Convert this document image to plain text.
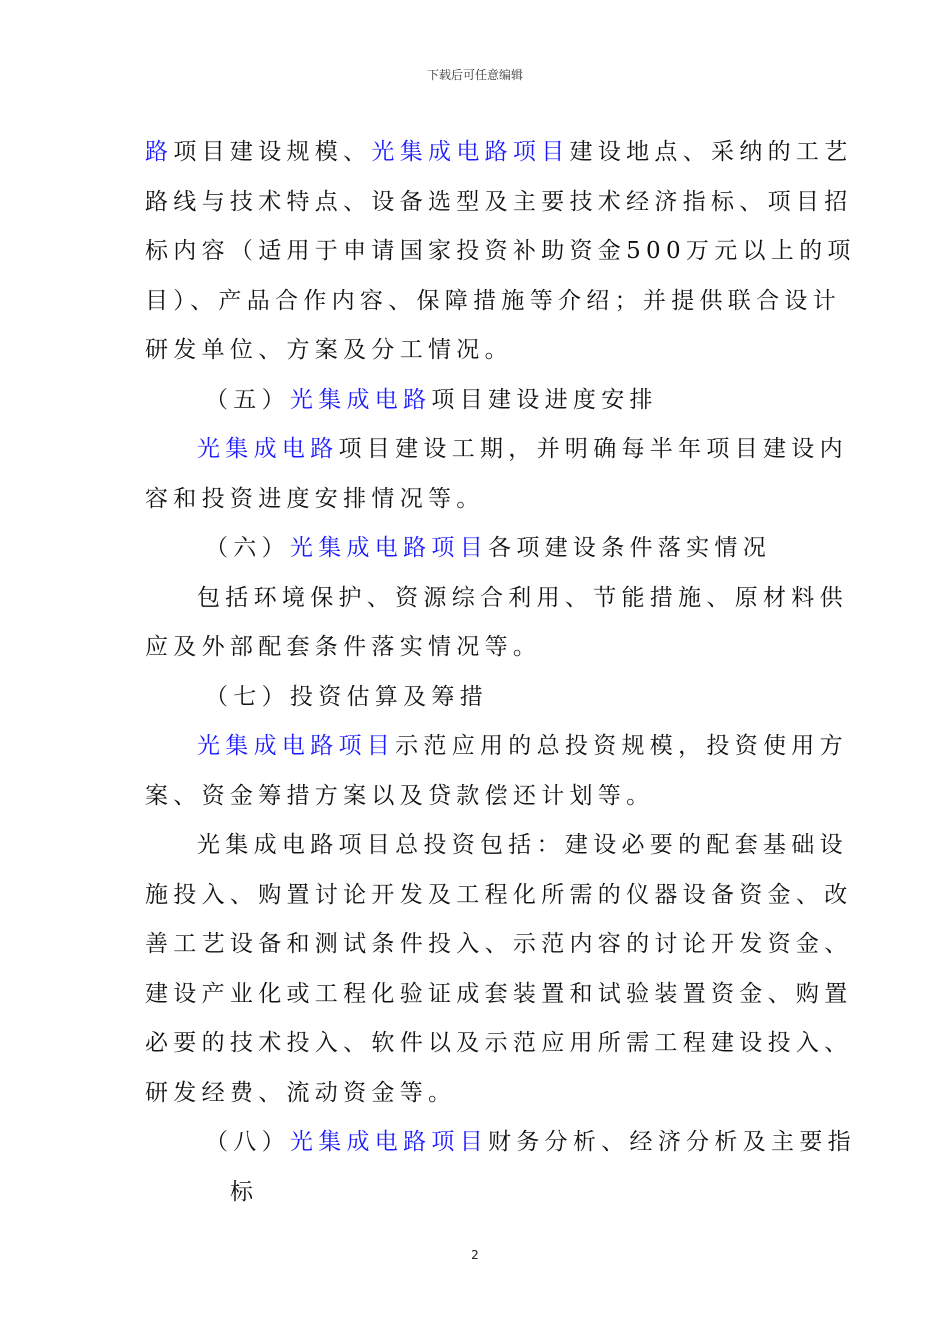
下载后可任意编辑
路项目建设规模、光集成电路项目建设地点、采纳的工艺
路线与技术特点、设备选型及主要技术经济指标、项目招
标内容（适用于申请国家投资补助资金500万元以上的项
目）、产品合作内容、保障措施等介绍；并提供联合设计
研发单位、方案及分工情况。
（五）光集成电路项目建设进度安排
光集成电路项目建设工期，并明确每半年项目建设内
容和投资进度安排情况等。
（六）光集成电路项目各项建设条件落实情况
包括环境保护、资源综合利用、节能措施、原材料供
应及外部配套条件落实情况等。
（七）投资估算及筹措
光集成电路项目示范应用的总投资规模，投资使用方
案、资金筹措方案以及贷款偿还计划等。
光集成电路项目总投资包括：建设必要的配套基础设
施投入、购置讨论开发及工程化所需的仪器设备资金、改
善工艺设备和测试条件投入、示范内容的讨论开发资金、
建设产业化或工程化验证成套装置和试验装置资金、购置
必要的技术投入、软件以及示范应用所需工程建设投入、
研发经费、流动资金等。
（八）光集成电路项目财务分析、经济分析及主要指
标
2
